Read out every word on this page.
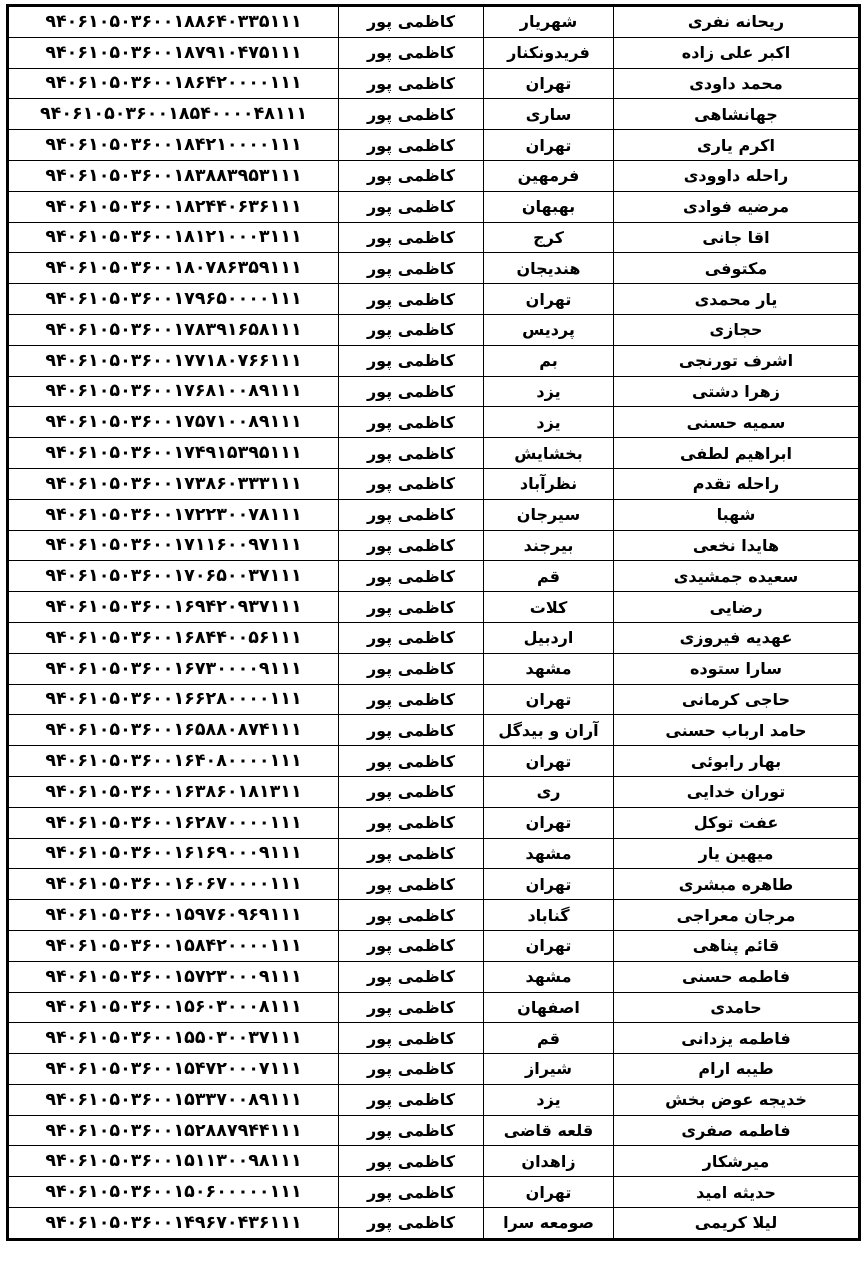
۹۴۰۶۱۰۵۰۳۶۰۰۱۸۸۶۴۰۳۳۵۱۱۱	کاظمی پور	شهریار	ریحانه نفری
۹۴۰۶۱۰۵۰۳۶۰۰۱۸۷۹۱۰۴۷۵۱۱۱	کاظمی پور	فریدونکنار	اکبر علی زاده
۹۴۰۶۱۰۵۰۳۶۰۰۱۸۶۴۲۰۰۰۰۱۱۱	کاظمی پور	تهران	محمد داودی
۹۴۰۶۱۰۵۰۳۶۰۰۱۸۵۴۰۰۰۰۴۸۱۱۱	کاظمی پور	ساری	جهانشاهی
۹۴۰۶۱۰۵۰۳۶۰۰۱۸۴۲۱۰۰۰۰۱۱۱	کاظمی پور	تهران	اکرم یاری
۹۴۰۶۱۰۵۰۳۶۰۰۱۸۳۸۸۳۹۵۳۱۱۱	کاظمی پور	فرمهین	راحله داوودی
۹۴۰۶۱۰۵۰۳۶۰۰۱۸۲۴۴۰۶۳۶۱۱۱	کاظمی پور	بهبهان	مرضیه فوادی
۹۴۰۶۱۰۵۰۳۶۰۰۱۸۱۲۱۰۰۰۳۱۱۱	کاظمی پور	کرج	اقا جانی
۹۴۰۶۱۰۵۰۳۶۰۰۱۸۰۷۸۶۳۵۹۱۱۱	کاظمی پور	هندیجان	مکتوفی
۹۴۰۶۱۰۵۰۳۶۰۰۱۷۹۶۵۰۰۰۰۱۱۱	کاظمی پور	تهران	یار محمدی
۹۴۰۶۱۰۵۰۳۶۰۰۱۷۸۳۹۱۶۵۸۱۱۱	کاظمی پور	پردیس	حجازی
۹۴۰۶۱۰۵۰۳۶۰۰۱۷۷۱۸۰۷۶۶۱۱۱	کاظمی پور	بم	اشرف تورنجی
۹۴۰۶۱۰۵۰۳۶۰۰۱۷۶۸۱۰۰۸۹۱۱۱	کاظمی پور	یزد	زهرا دشتی
۹۴۰۶۱۰۵۰۳۶۰۰۱۷۵۷۱۰۰۸۹۱۱۱	کاظمی پور	یزد	سمیه حسنی
۹۴۰۶۱۰۵۰۳۶۰۰۱۷۴۹۱۵۳۹۵۱۱۱	کاظمی پور	بخشایش	ابراهیم لطفی
۹۴۰۶۱۰۵۰۳۶۰۰۱۷۳۸۶۰۳۳۳۱۱۱	کاظمی پور	نظرآباد	راحله تقدم
۹۴۰۶۱۰۵۰۳۶۰۰۱۷۲۲۳۰۰۷۸۱۱۱	کاظمی پور	سیرجان	شهبا
۹۴۰۶۱۰۵۰۳۶۰۰۱۷۱۱۶۰۰۹۷۱۱۱	کاظمی پور	بیرجند	هایدا نخعی
۹۴۰۶۱۰۵۰۳۶۰۰۱۷۰۶۵۰۰۳۷۱۱۱	کاظمی پور	قم	سعیده جمشیدی
۹۴۰۶۱۰۵۰۳۶۰۰۱۶۹۴۲۰۹۳۷۱۱۱	کاظمی پور	کلات	رضایی
۹۴۰۶۱۰۵۰۳۶۰۰۱۶۸۴۴۰۰۵۶۱۱۱	کاظمی پور	اردبیل	عهدیه فیروزی
۹۴۰۶۱۰۵۰۳۶۰۰۱۶۷۳۰۰۰۰۹۱۱۱	کاظمی پور	مشهد	سارا ستوده
۹۴۰۶۱۰۵۰۳۶۰۰۱۶۶۲۸۰۰۰۰۱۱۱	کاظمی پور	تهران	حاجی کرمانی
۹۴۰۶۱۰۵۰۳۶۰۰۱۶۵۸۸۰۸۷۴۱۱۱	کاظمی پور	آران و بیدگل	حامد ارباب حسنی
۹۴۰۶۱۰۵۰۳۶۰۰۱۶۴۰۸۰۰۰۰۱۱۱	کاظمی پور	تهران	بهار رابوئی
۹۴۰۶۱۰۵۰۳۶۰۰۱۶۳۸۶۰۱۸۱۳۱۱	کاظمی پور	ری	توران خدایی
۹۴۰۶۱۰۵۰۳۶۰۰۱۶۲۸۷۰۰۰۰۱۱۱	کاظمی پور	تهران	عفت توکل
۹۴۰۶۱۰۵۰۳۶۰۰۱۶۱۶۹۰۰۰۹۱۱۱	کاظمی پور	مشهد	میهین یار
۹۴۰۶۱۰۵۰۳۶۰۰۱۶۰۶۷۰۰۰۰۱۱۱	کاظمی پور	تهران	طاهره مبشری
۹۴۰۶۱۰۵۰۳۶۰۰۱۵۹۷۶۰۹۶۹۱۱۱	کاظمی پور	گناباد	مرجان معراجی
۹۴۰۶۱۰۵۰۳۶۰۰۱۵۸۴۲۰۰۰۰۱۱۱	کاظمی پور	تهران	قائم پناهی
۹۴۰۶۱۰۵۰۳۶۰۰۱۵۷۲۳۰۰۰۹۱۱۱	کاظمی پور	مشهد	فاطمه حسنی
۹۴۰۶۱۰۵۰۳۶۰۰۱۵۶۰۳۰۰۰۸۱۱۱	کاظمی پور	اصفهان	حامدی
۹۴۰۶۱۰۵۰۳۶۰۰۱۵۵۰۳۰۰۳۷۱۱۱	کاظمی پور	قم	فاطمه یزدانی
۹۴۰۶۱۰۵۰۳۶۰۰۱۵۴۷۲۰۰۰۷۱۱۱	کاظمی پور	شیراز	طیبه ارام
۹۴۰۶۱۰۵۰۳۶۰۰۱۵۳۳۷۰۰۸۹۱۱۱	کاظمی پور	یزد	خدیجه عوض بخش
۹۴۰۶۱۰۵۰۳۶۰۰۱۵۲۸۸۷۹۴۴۱۱۱	کاظمی پور	قلعه قاضی	فاطمه صفری
۹۴۰۶۱۰۵۰۳۶۰۰۱۵۱۱۳۰۰۹۸۱۱۱	کاظمی پور	زاهدان	میرشکار
۹۴۰۶۱۰۵۰۳۶۰۰۱۵۰۶۰۰۰۰۰۱۱۱	کاظمی پور	تهران	حدیثه امید
۹۴۰۶۱۰۵۰۳۶۰۰۱۴۹۶۷۰۴۳۶۱۱۱	کاظمی پور	صومعه سرا	لیلا کریمی
